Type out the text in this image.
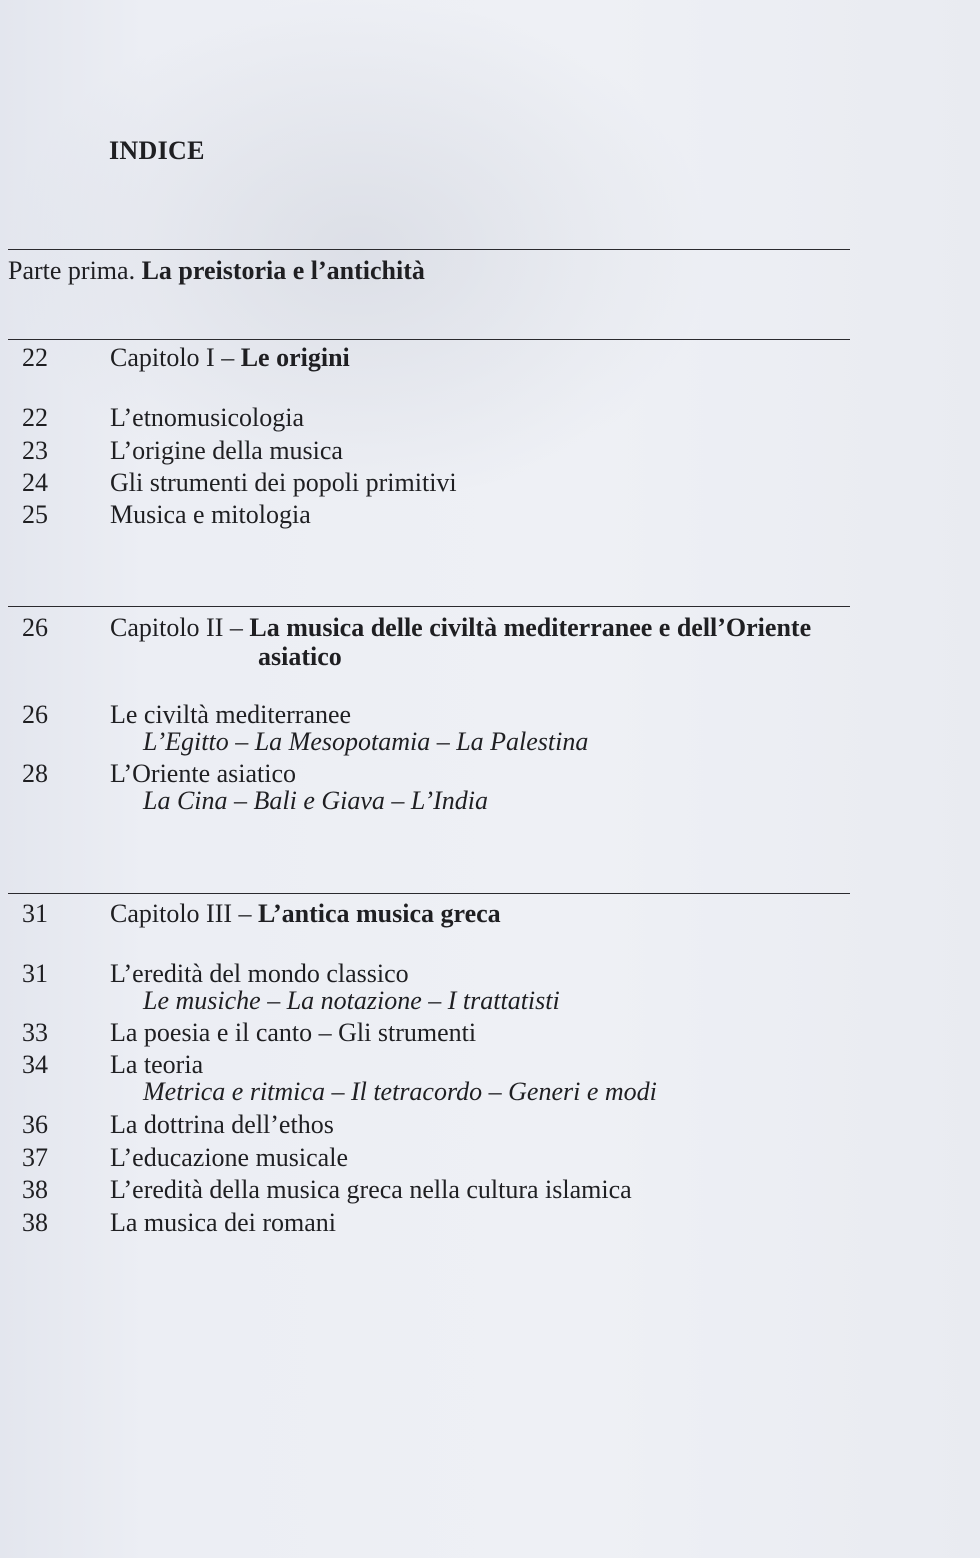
INDICE
Parte prima. La preistoria e l’antichità
22 Capitolo I – Le origini
22 L’etnomusicologia
23 L’origine della musica
24 Gli strumenti dei popoli primitivi
25 Musica e mitologia
26 Capitolo II – La musica delle civiltà mediterranee e dell’Oriente
asiatico
26 Le civiltà mediterranee
L’Egitto – La Mesopotamia – La Palestina
28 L’Oriente asiatico
La Cina – Bali e Giava – L’India
31 Capitolo III – L’antica musica greca
31 L’eredità del mondo classico
Le musiche – La notazione – I trattatisti
33 La poesia e il canto – Gli strumenti
34 La teoria
Metrica e ritmica – Il tetracordo – Generi e modi
36 La dottrina dell’ethos
37 L’educazione musicale
38 L’eredità della musica greca nella cultura islamica
38 La musica dei romani
